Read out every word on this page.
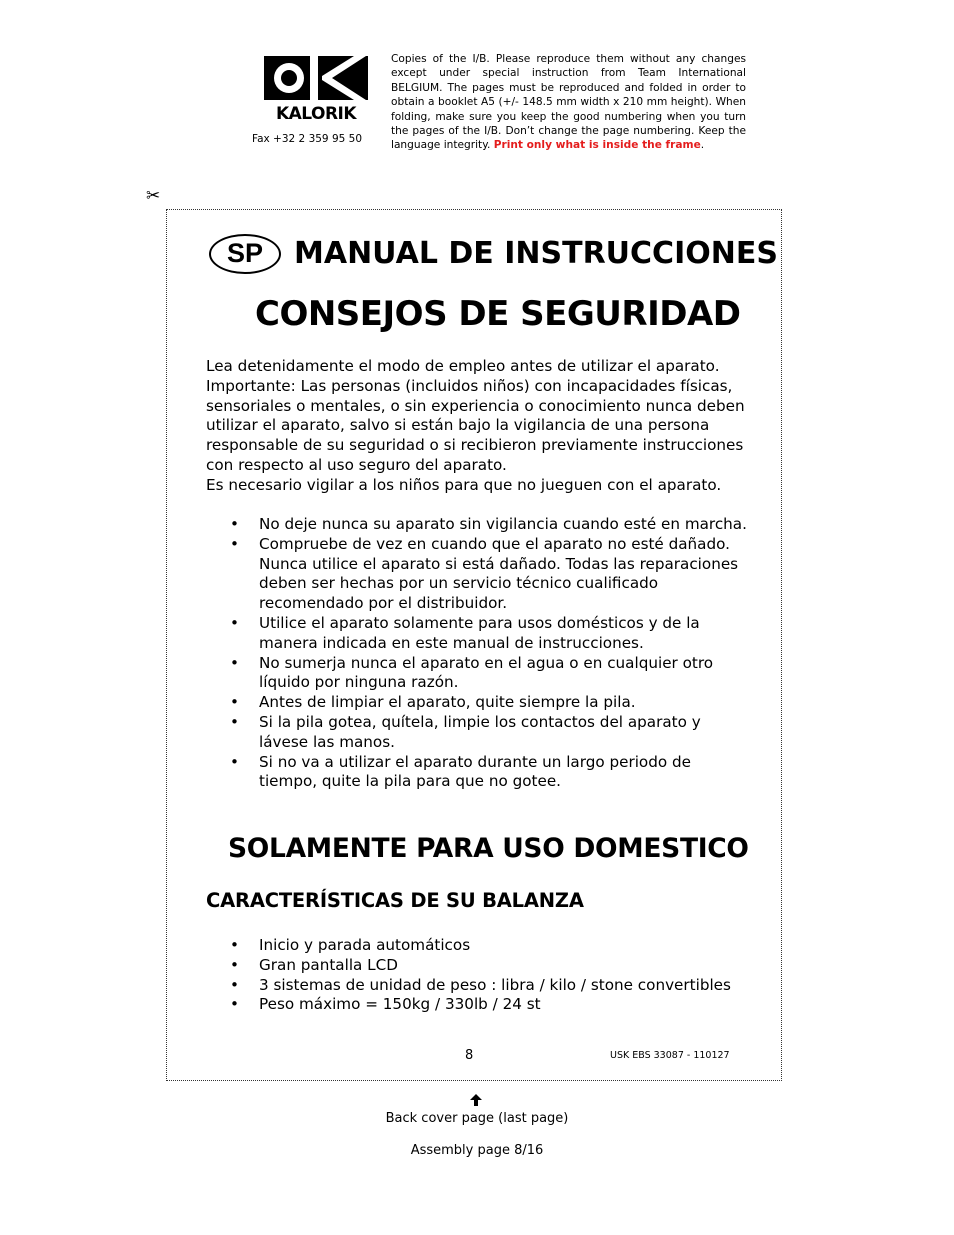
KALORIK
Fax +32 2 359 95 50
Copies of the I/B. Please reproduce them without any changes except under special instruction from Team International BELGIUM. The pages must be reproduced and folded in order to obtain a booklet A5 (+/- 148.5 mm width x 210 mm height). When folding, make sure you keep the good numbering when you turn the pages of the I/B. Don’t change the page numbering. Keep the language integrity. Print only what is inside the frame.
✂
SP	MANUAL DE INSTRUCCIONES
CONSEJOS DE SEGURIDAD

Lea detenidamente el modo de empleo antes de utilizar el aparato. Importante: Las personas (incluidos niños) con incapacidades físicas, sensoriales o mentales, o sin experiencia o conocimiento nunca deben utilizar el aparato, salvo si están bajo la vigilancia de una persona responsable de su seguridad o si recibieron previamente instrucciones con respecto al uso seguro del aparato.

Es necesario vigilar a los niños para que no jueguen con el aparato.

• No deje nunca su aparato sin vigilancia cuando esté en marcha.
• Compruebe de vez en cuando que el aparato no esté dañado. Nunca utilice el aparato si está dañado. Todas las reparaciones deben ser hechas por un servicio técnico cualificado recomendado por el distribuidor.
• Utilice el aparato solamente para usos domésticos y de la manera indicada en este manual de instrucciones.
• No sumerja nunca el aparato en el agua o en cualquier otro líquido por ninguna razón.
• Antes de limpiar el aparato, quite siempre la pila.
• Si la pila gotea, quítela, limpie los contactos del aparato y lávese las manos.
• Si no va a utilizar el aparato durante un largo periodo de tiempo, quite la pila para que no gotee.
SOLAMENTE PARA USO DOMESTICO
CARACTERÍSTICAS DE SU BALANZA
• Inicio y parada automáticos
• Gran pantalla LCD
• 3 sistemas de unidad de peso : libra / kilo / stone convertibles
• Peso máximo = 150kg / 330lb / 24 st
8	USK EBS 33087 - 110127
Back cover page (last page)
Assembly page 8/16
